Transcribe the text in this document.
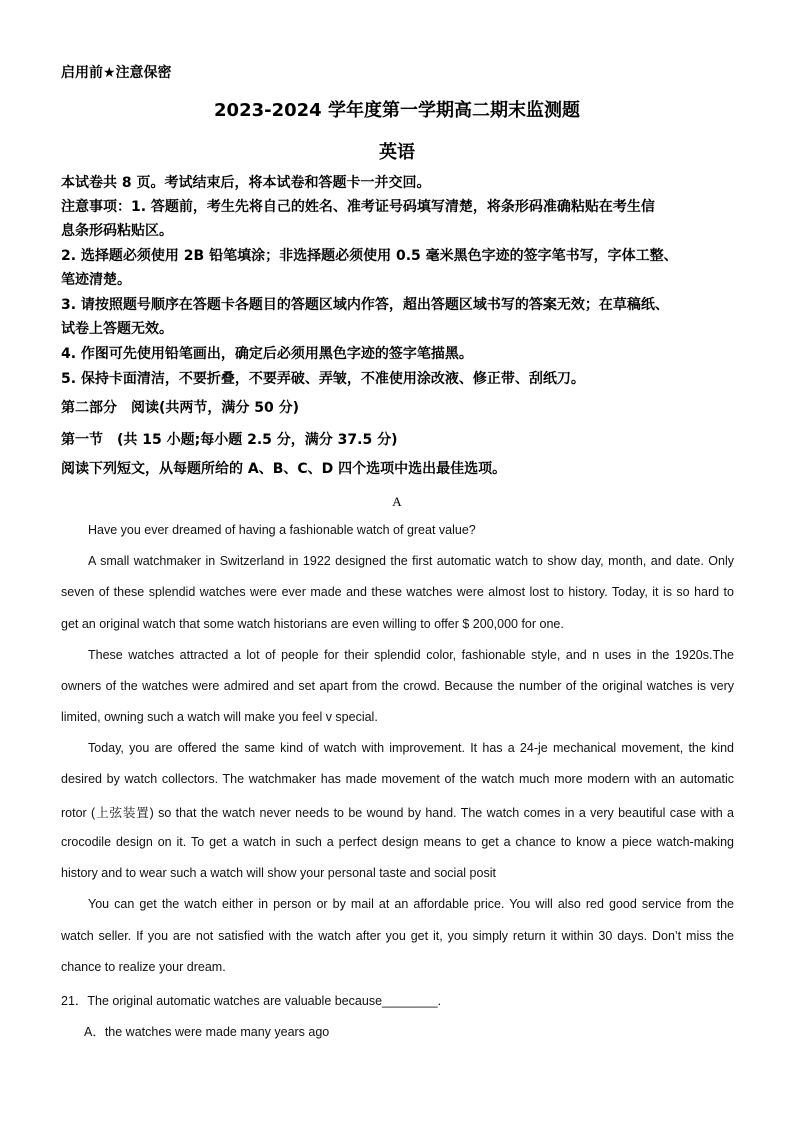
启用前★注意保密
2023-2024 学年度第一学期高二期末监测题
英语
本试卷共 8 页。考试结束后，将本试卷和答题卡一并交回。
注意事项：1. 答题前，考生先将自己的姓名、准考证号码填写清楚，将条形码准确粘贴在考生信
息条形码粘贴区。
2. 选择题必须使用 2B 铅笔填涂；非选择题必须使用 0.5 毫米黑色字迹的签字笔书写，字体工整、
笔迹清楚。
3. 请按照题号顺序在答题卡各题目的答题区域内作答，超出答题区域书写的答案无效；在草稿纸、
试卷上答题无效。
4. 作图可先使用铅笔画出，确定后必须用黑色字迹的签字笔描黑。
5. 保持卡面清洁，不要折叠，不要弄破、弄皱，不准使用涂改液、修正带、刮纸刀。
第二部分　阅读(共两节，满分 50 分)
第一节　(共 15 小题;每小题 2.5 分，满分 37.5 分)
阅读下列短文，从每题所给的 A、B、C、D 四个选项中选出最佳选项。
A
Have you ever dreamed of having a fashionable watch of great value?
A small watchmaker in Switzerland in 1922 designed the first automatic watch to show day, month, and date. Only
seven of these splendid watches were ever made and these watches were almost lost to history. Today, it is so hard to
get an original watch that some watch historians are even willing to offer $ 200,000 for one.
These watches attracted a lot of people for their splendid color, fashionable style, and n uses in the 1920s.The
owners of the watches were admired and set apart from the crowd. Because the number of the original watches is very
limited, owning such a watch will make you feel v special.
Today, you are offered the same kind of watch with improvement. It has a 24-je mechanical movement, the kind
desired by watch collectors. The watchmaker has made movement of the watch much more modern with an automatic
rotor (上弦装置) so that the watch never needs to be wound by hand. The watch comes in a very beautiful case with a
crocodile design on it. To get a watch in such a perfect design means to get a chance to know a piece watch-making
history and to wear such a watch will show your personal taste and social posit
You can get the watch either in person or by mail at an affordable price. You will also red good service from the
watch seller. If you are not satisfied with the watch after you get it, you simply return it within 30 days. Don’t miss the
chance to realize your dream.
21．The original automatic watches are valuable because________.
A．the watches were made many years ago
